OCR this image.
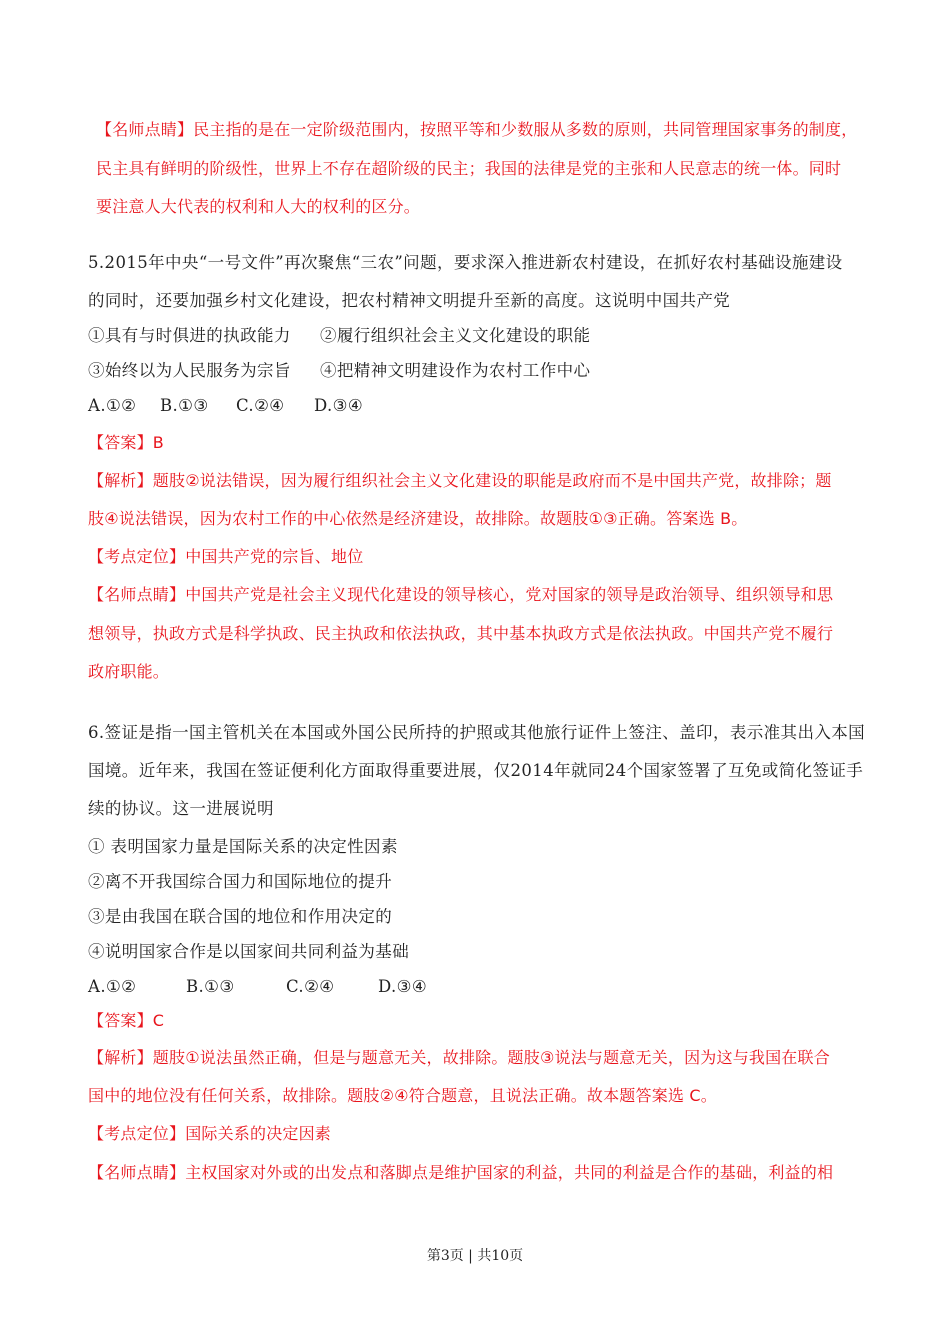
【名师点睛】民主指的是在一定阶级范围内，按照平等和少数服从多数的原则，共同管理国家事务的制度，
民主具有鲜明的阶级性，世界上不存在超阶级的民主；我国的法律是党的主张和人民意志的统一体。同时
要注意人大代表的权利和人大的权利的区分。
5.2015年中央“一号文件”再次聚焦“三农”问题，要求深入推进新农村建设，在抓好农村基础设施建设
的同时，还要加强乡村文化建设，把农村精神文明提升至新的高度。这说明中国共产党
①具有与时俱进的执政能力 ②履行组织社会主义文化建设的职能
③始终以为人民服务为宗旨 ④把精神文明建设作为农村工作中心
A.①② B.①③ C.②④ D.③④
【答案】B
【解析】题肢②说法错误，因为履行组织社会主义文化建设的职能是政府而不是中国共产党，故排除；题
肢④说法错误，因为农村工作的中心依然是经济建设，故排除。故题肢①③正确。答案选 B。
【考点定位】中国共产党的宗旨、地位
【名师点睛】中国共产党是社会主义现代化建设的领导核心，党对国家的领导是政治领导、组织领导和思
想领导，执政方式是科学执政、民主执政和依法执政，其中基本执政方式是依法执政。中国共产党不履行
政府职能。
6.签证是指一国主管机关在本国或外国公民所持的护照或其他旅行证件上签注、盖印，表示准其出入本国
国境。近年来，我国在签证便利化方面取得重要进展，仅2014年就同24个国家签署了互免或简化签证手
续的协议。这一进展说明
① 表明国家力量是国际关系的决定性因素
②离不开我国综合国力和国际地位的提升
③是由我国在联合国的地位和作用决定的
④说明国家合作是以国家间共同利益为基础
A.①②	B.①③	C.②④	D.③④
【答案】C
【解析】题肢①说法虽然正确，但是与题意无关，故排除。题肢③说法与题意无关，因为这与我国在联合
国中的地位没有任何关系，故排除。题肢②④符合题意，且说法正确。故本题答案选 C。
【考点定位】国际关系的决定因素
【名师点睛】主权国家对外或的出发点和落脚点是维护国家的利益，共同的利益是合作的基础，利益的相
第3页 | 共10页
